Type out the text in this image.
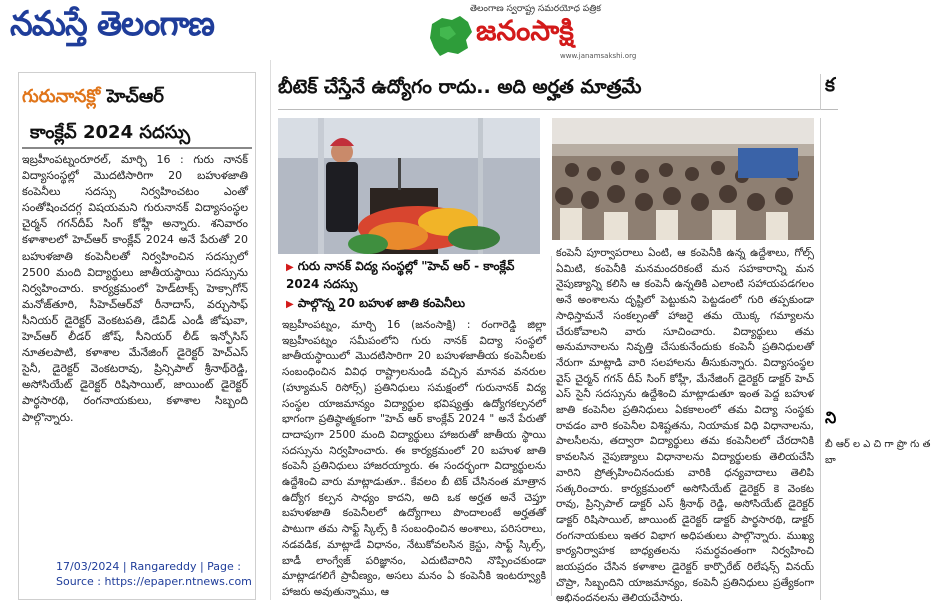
నమస్తే తెలంగాణ
గురునానక్లో హెచ్ఆర్
కాంక్లేవ్ 2024 సదస్సు
ఇబ్రహీంపట్నంరూరల్, మార్చి 16 : గురు నానక్ విద్యాసంస్థల్లో మొదటిసారిగా 20 బహుళజాతి కంపెనీలు సదస్సు నిర్వహించటం ఎంతో సంతోషించదగ్గ విషయమని గురునానక్ విద్యాసంస్థల చైర్మన్ గగన్‌దీప్ సింగ్ కోహ్లీ అన్నారు. శనివారం కళాశాలలో హెచ్ఆర్ కాంక్లేవ్ 2024 అనే పేరుతో 20 బహుళజాతి కంపెనీలతో నిర్వహించిన సదస్సులో 2500 మంది విద్యార్థులు జాతీయస్థాయి సదస్సును నిర్వహించారు. కార్యక్రమంలో హెడ్‌టాక్స్ హెక్సాగోన్ మనోజ్‌తూరి, సీహెచ్ఆర్‌వో రీనాదాస్, వర్చుసాఫ్ సీనియర్ డైరెక్టర్ వెంకటపతి, డేవిడ్ ఎండీ జోషువా, హెచ్ఆర్ లీడర్ జోష్, సీనియర్ లీడ్ ఇన్ఫోసిస్ నూతలపాటి, కళాశాల మేనేజింగ్ డైరెక్టర్ హెచ్ఎస్ సైనీ, డైరెక్టర్ వెంకటరావు, ప్రిన్సిపాల్ శ్రీనాథ్‌రెడ్డి, అసోసియేట్ డైరెక్టర్ రిషిసాయిల్, జాయింట్ డైరెక్టర్ పార్థసారథి, రంగనాయకులు, కళాశాల సిబ్బంది పాల్గొన్నారు.
17/03/2024 | Rangareddy | Page :
Source : https://epaper.ntnews.com
తెలంగాణ స్వరాష్ట్ర సమరయోధ పత్రిక
జనంసాక్షి
www.janamsakshi.org
బీటెక్ చేస్తేనే ఉద్యోగం రాదు.. అది అర్హత మాత్రమే	క
▶ గురు నానక్ విద్య సంస్థల్లో "హెచ్ ఆర్ - కాంక్లేవ్ 2024 సదస్సు
▶ పాల్గొన్న 20 బహుళ జాతి కంపెనీలు
ఇబ్రహీంపట్నం, మార్చి 16 (జనంసాక్షి) : రంగారెడ్డి జిల్లా ఇబ్రహీంపట్నం సమీపంలోని గురు నానక్ విద్యా సంస్థలో జాతీయస్థాయిలో మొదటిసారిగా 20 బహుళజాతీయ కంపెనీలకు సంబంధించిన వివిధ రాష్ట్రాలనుండి వచ్చిన మానవ వనరుల (హ్యూమన్ రిసోర్స్) ప్రతినిధులు సమక్షంలో గురునానక్ విద్య సంస్థల యాజమాన్యం విద్యార్థుల భవిష్యత్తు ఉద్యోగకల్పనలో భాగంగా ప్రతిష్ఠాత్మకంగా "హెచ్ ఆర్ కాంక్లేవ్ 2024 " అనే పేరుతో దాదాపుగా 2500 మంది విద్యార్థులు హాజరుతో జాతీయ స్థాయి సదస్సును నిర్వహించారు. ఈ కార్యక్రమంలో 20 బహుళ జాతి కంపెనీ ప్రతినిధులు హాజరయ్యారు. ఈ సందర్భంగా విద్యార్థులను ఉద్దేశించి వారు మాట్లాడుతూ.. కేవలం బీ టెక్ చేసినంత మాత్రాన ఉద్యోగ కల్పన సాధ్యం కాదని, అది ఒక అర్హత అనే చెప్తూ బహుళజాతి కంపెనీలలో ఉద్యోగాలు పొందాలంటే అర్హతతో పాటుగా తమ సాఫ్ట్ స్కిల్స్ కి సంబంధించిన అంశాలు, పరిసరాలు, నడవడిక, మాట్లాడే విధానం, నేటుకోవలసిన క్రెస్టు, సాఫ్ట్ స్కిల్స్, బాడీ లాంగ్వేజ్ పరిజ్ఞానం, ఎదుటివారిని నొప్పించకుండా మాట్లాడగలిగే ప్రావీణ్యం, అసలు మనం ఏ కంపెనీకి ఇంటర్వ్యూకి హాజరు అవుతున్నాము, ఆ
కంపెనీ పూర్వాపరాలు ఏంటి, ఆ కంపెనీకి ఉన్న ఉద్దేశాలు, గోల్స్ ఏమిటి, కంపెనీకి మనమందరికంటే మన సహకారాన్ని మన నైపుణ్యాన్ని కలిసి ఆ కంపెనీ ఉన్నతికి ఎలాంటి సహాయపడగలం అనే అంశాలను దృష్టిలో పెట్టుకుని పెట్టడంలో గురి తప్పకుండా సాధిస్తామనే సంకల్పంతో హాజరై తమ యొక్క గమ్యాలను చేరుకోవాలని వారు సూచించారు. విద్యార్థులు తమ అనుమానాలను నివృత్తి చేసుకునేందుకు కంపెనీ ప్రతినిధులతో నేరుగా మాట్లాడి వారి సలహాలను తీసుకున్నారు. విద్యాసంస్థల వైస్ చైర్మన్ గగన్ దీప్ సింగ్ కోహ్లీ, మేనేజింగ్ డైరెక్టర్ డాక్టర్ హెచ్ ఎస్ సైనీ సదస్సును ఉద్దేశించి మాట్లాడుతూ ఇంత పెద్ద బహుళ జాతి కంపెనీల ప్రతినిధులు ఏకకాలంలో తమ విద్యా సంస్థకు రావడం వారి కంపెనీల విశిష్టతను, నియామక విధి విధానాలను, పాలసీలను, తద్వారా విద్యార్థులు తమ కంపెనీలలో చేరదానికి కావలసిన నైపుణ్యాలు విధానాలను విద్యార్థులకు తెలియచేసి వారిని ప్రోత్సహించినందుకు వారికి ధన్యవాదాలు తెలిపి సత్కరించారు. కార్యక్రమంలో అసోసియేట్ డైరెక్టర్ కె వెంకట రావు, ప్రిన్సిపాల్ డాక్టర్ ఎస్ శ్రీనాథ్ రెడ్డి, అసోసియేట్ డైరెక్టర్ డాక్టర్ రిషిసాయిల్, జాయింట్ డైరెక్టర్ డాక్టర్ పార్థసారథి, డాక్టర్ రంగనాయకులు ఇతర విభాగ అధిపతులు పాల్గొన్నారు. ముఖ్య కార్యనిర్వాహక బాధ్యతలను సమర్ధవంతంగా నిర్వహించి జయప్రదం చేసిన కళాశాల డైరెక్టర్ కార్పొరేట్ రిలేషన్స్ వినయ్ చొప్రా, సిబ్బందిని యాజమాన్యం, కంపెనీ ప్రతినిధులు ప్రత్యేకంగా అభినందనలను తెలియచేసారు.
ని
బీ ఆర్ ల ఎ చి గా ప్రొ గు త బా
